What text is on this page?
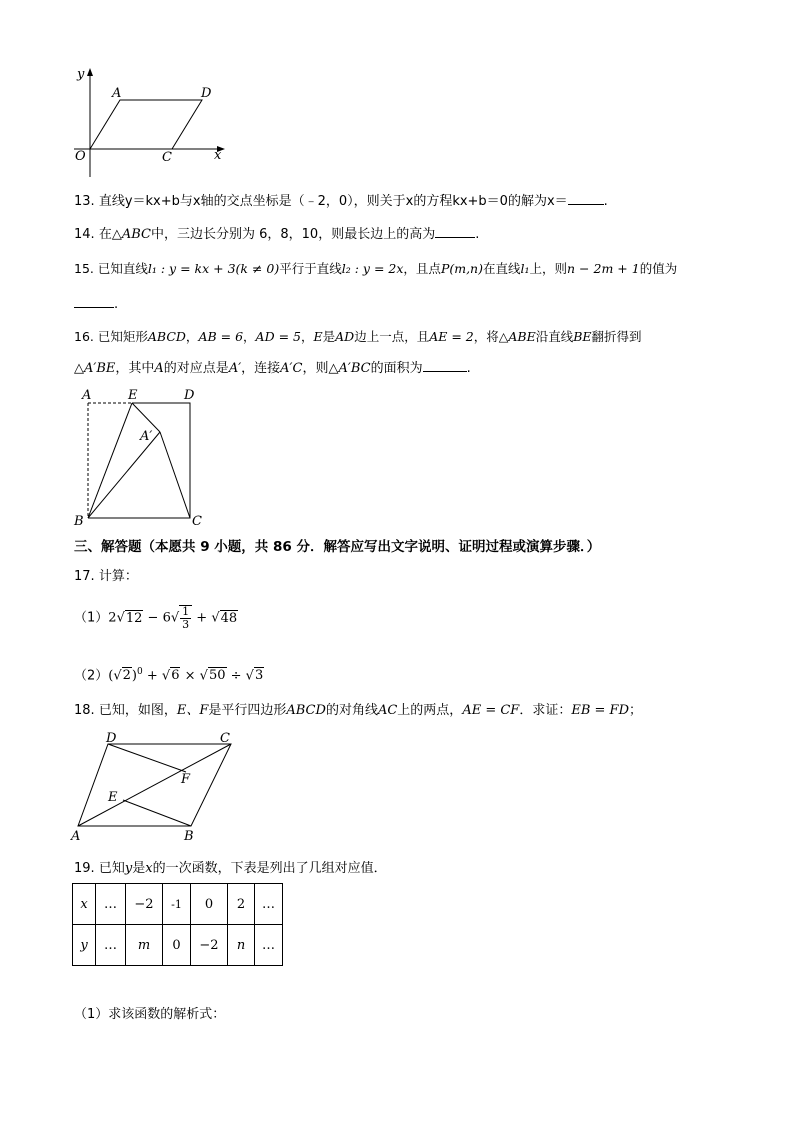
y
x
O
A	D
C
13. 直线y＝kx+b与x轴的交点坐标是（﹣2，0），则关于x的方程kx+b＝0的解为x＝	.
14. 在△ABC中，三边长分别为 6，8，10，则最长边上的高为	.
15. 已知直线l₁ : y = kx + 3(k ≠ 0)平行于直线l₂ : y = 2x，且点P(m,n)在直线l₁上，则n − 2m + 1的值为
.
16. 已知矩形ABCD，AB = 6，AD = 5，E是AD边上一点，且AE = 2，将△ABE沿直线BE翻折得到
△A′BE，其中A的对应点是A′，连接A′C，则△A′BC的面积为	.
A	E	D
A′
B	C
三、解答题（本愿共 9 小题，共 86 分．解答应写出文字说明、证明过程或演算步骤．）
17. 计算：
$(1)2√12 - 6√ \frac{1}{3} + √48$
$(2)(√2)^0 + √6 \times √50 \div √3$
18. 已知，如图，E、F是平行四边形ABCD的对角线AC上的两点，AE = CF．求证：EB = FD；
D	C
F
E
A	B
19. 已知y是x的一次函数，下表是列出了几组对应值．
x	…	−2	-1	0	2	…
y	…	m	0	−2	n	…
（1）求该函数的解析式：
